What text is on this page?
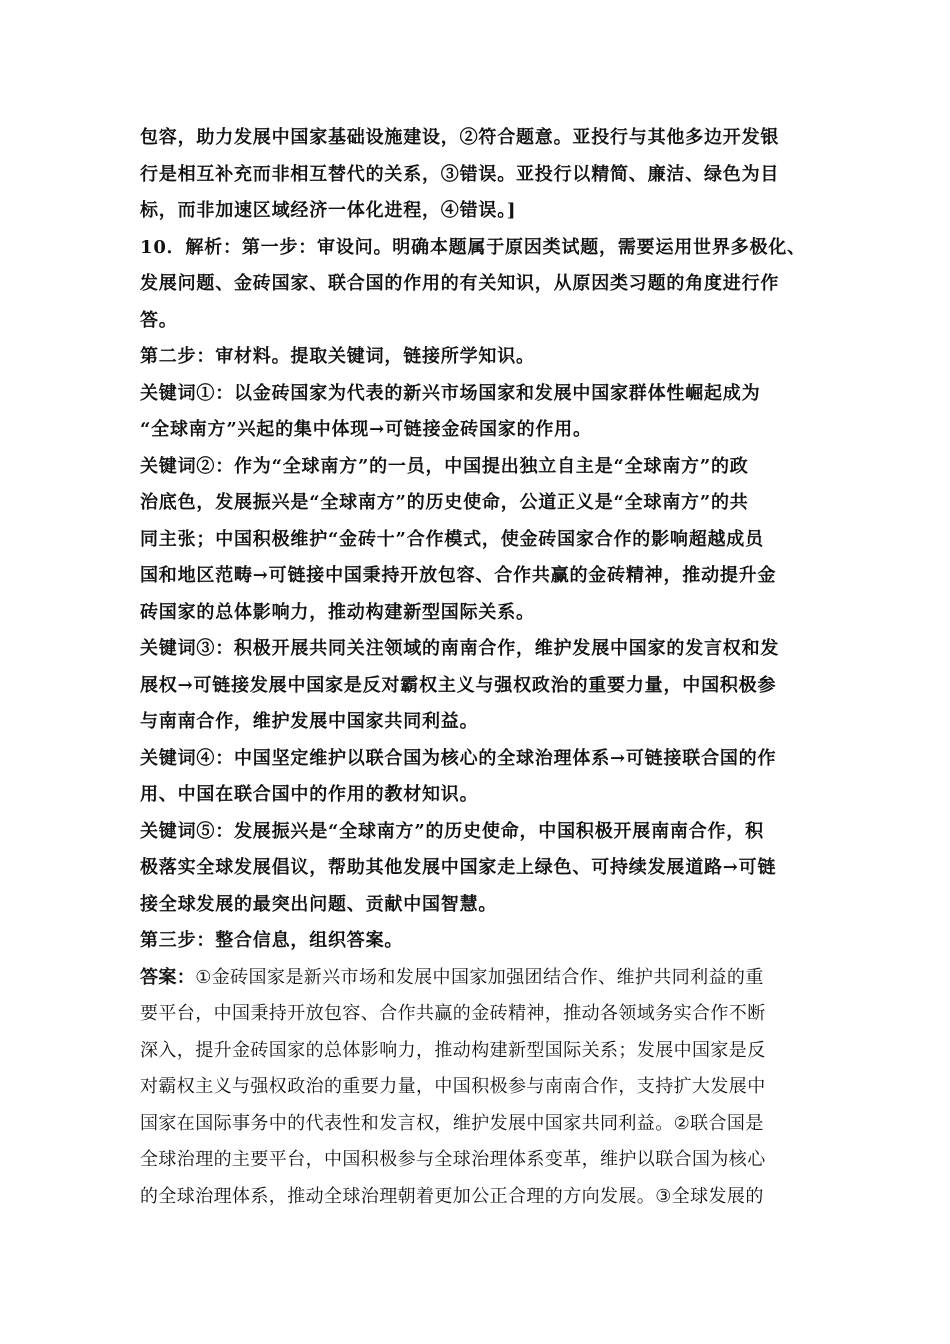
包容，助力发展中国家基础设施建设，②符合题意。亚投行与其他多边开发银
行是相互补充而非相互替代的关系，③错误。亚投行以精简、廉洁、绿色为目
标，而非加速区域经济一体化进程，④错误。]
10．解析：第一步：审设问。明确本题属于原因类试题，需要运用世界多极化、
发展问题、金砖国家、联合国的作用的有关知识，从原因类习题的角度进行作
答。
第二步：审材料。提取关键词，链接所学知识。
关键词①：以金砖国家为代表的新兴市场国家和发展中国家群体性崛起成为
“全球南方”兴起的集中体现→可链接金砖国家的作用。
关键词②：作为“全球南方”的一员，中国提出独立自主是“全球南方”的政
治底色，发展振兴是“全球南方”的历史使命，公道正义是“全球南方”的共
同主张；中国积极维护“金砖十”合作模式，使金砖国家合作的影响超越成员
国和地区范畴→可链接中国秉持开放包容、合作共赢的金砖精神，推动提升金
砖国家的总体影响力，推动构建新型国际关系。
关键词③：积极开展共同关注领域的南南合作，维护发展中国家的发言权和发
展权→可链接发展中国家是反对霸权主义与强权政治的重要力量，中国积极参
与南南合作，维护发展中国家共同利益。
关键词④：中国坚定维护以联合国为核心的全球治理体系→可链接联合国的作
用、中国在联合国中的作用的教材知识。
关键词⑤：发展振兴是“全球南方”的历史使命，中国积极开展南南合作，积
极落实全球发展倡议，帮助其他发展中国家走上绿色、可持续发展道路→可链
接全球发展的最突出问题、贡献中国智慧。
第三步：整合信息，组织答案。
答案：①金砖国家是新兴市场和发展中国家加强团结合作、维护共同利益的重
要平台，中国秉持开放包容、合作共赢的金砖精神，推动各领域务实合作不断
深入，提升金砖国家的总体影响力，推动构建新型国际关系；发展中国家是反
对霸权主义与强权政治的重要力量，中国积极参与南南合作，支持扩大发展中
国家在国际事务中的代表性和发言权，维护发展中国家共同利益。②联合国是
全球治理的主要平台，中国积极参与全球治理体系变革，维护以联合国为核心
的全球治理体系，推动全球治理朝着更加公正合理的方向发展。③全球发展的
